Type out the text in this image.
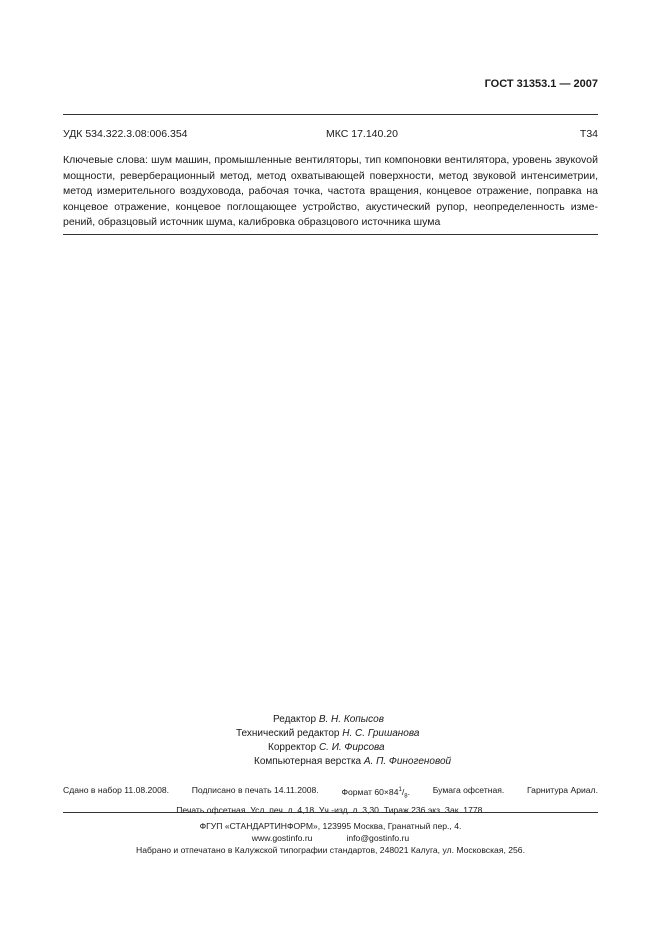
ГОСТ 31353.1 — 2007
УДК 534.322.3.08:006.354	МКС 17.140.20	Т34
Ключевые слова: шум машин, промышленные вентиляторы, тип компоновки вентилятора, уровень звукоvой мощности, реверберационный метод, метод охватывающей поверхности, метод звуковой интенсиметрии, метод измерительного воздуховода, рабочая точка, частота вращения, концевое отражение, поправка на концевое отражение, концевое поглощающее устройство, акустический рупор, неопределенность измерений, образцовый источник шума, калибровка образцового источника шума
Редактор В. Н. Копысов
Технический редактор Н. С. Гришанова
Корректор С. И. Фирсова
Компьютерная верстка А. П. Финогеновой
Сдано в набор 11.08.2008.	Подписано в печать 14.11.2008.	Формат $60\times 84^1/_8$.	Бумага офсетная.	Гарнитура Ариал.
Печать офсетная. Усл. печ. л. 4,18. Уч.-изд. л. 3,30. Тираж 236 экз. Зак. 1778.
ФГУП «СТАНДАРТИНФОРМ», 123995 Москва, Гранатный пер., 4.
www.gostinfo.ru	info@gostinfo.ru
Набрано и отпечатано в Калужской типографии стандартов, 248021 Калуга, ул. Московская, 256.
